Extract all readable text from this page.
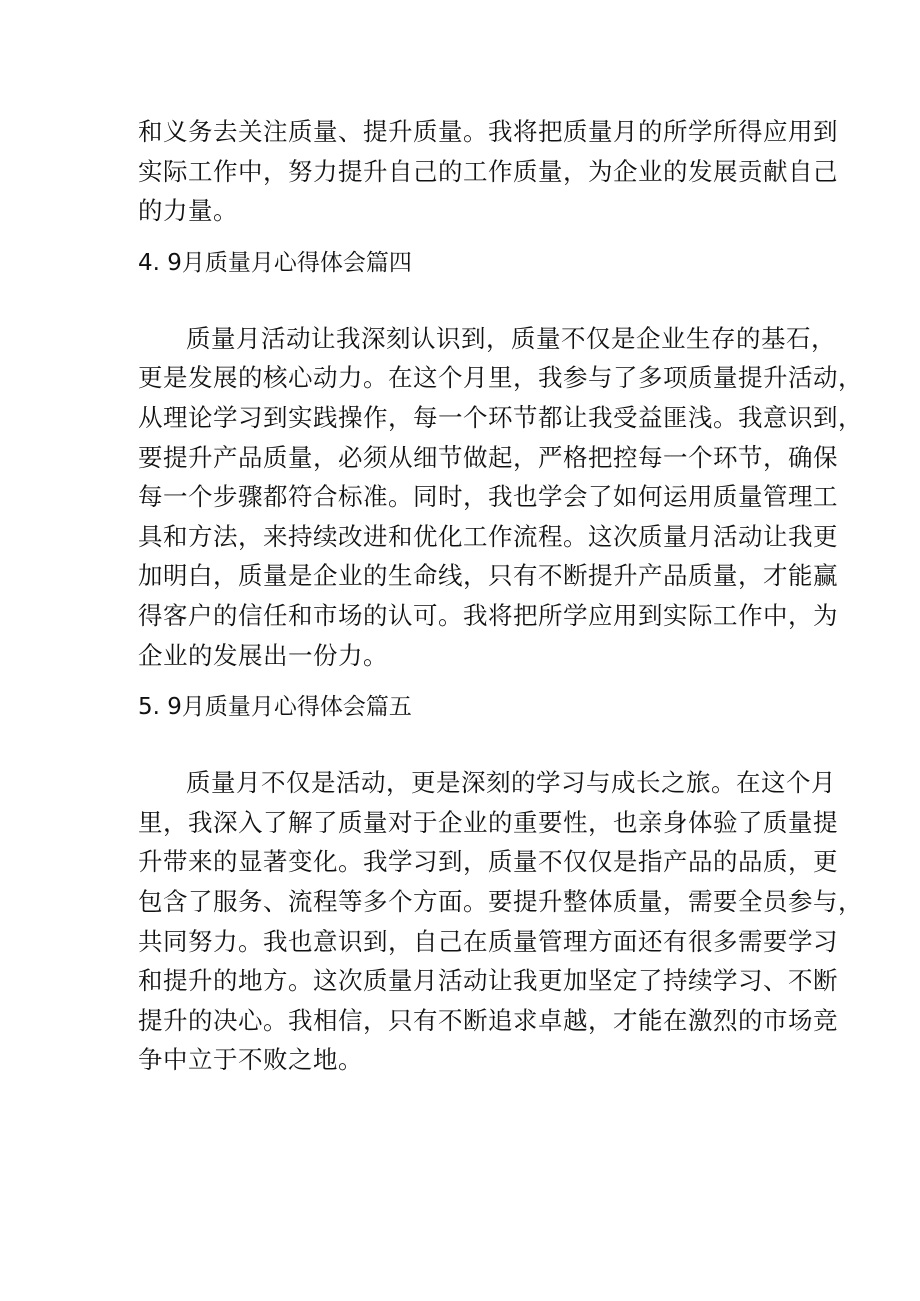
和义务去关注质量、提升质量。我将把质量月的所学所得应用到
实际工作中，努力提升自己的工作质量，为企业的发展贡献自己
的力量。
4. 9月质量月心得体会篇四
质量月活动让我深刻认识到，质量不仅是企业生存的基石，
更是发展的核心动力。在这个月里，我参与了多项质量提升活动，
从理论学习到实践操作，每一个环节都让我受益匪浅。我意识到，
要提升产品质量，必须从细节做起，严格把控每一个环节，确保
每一个步骤都符合标准。同时，我也学会了如何运用质量管理工
具和方法，来持续改进和优化工作流程。这次质量月活动让我更
加明白，质量是企业的生命线，只有不断提升产品质量，才能赢
得客户的信任和市场的认可。我将把所学应用到实际工作中，为
企业的发展出一份力。
5. 9月质量月心得体会篇五
质量月不仅是活动，更是深刻的学习与成长之旅。在这个月
里，我深入了解了质量对于企业的重要性，也亲身体验了质量提
升带来的显著变化。我学习到，质量不仅仅是指产品的品质，更
包含了服务、流程等多个方面。要提升整体质量，需要全员参与，
共同努力。我也意识到，自己在质量管理方面还有很多需要学习
和提升的地方。这次质量月活动让我更加坚定了持续学习、不断
提升的决心。我相信，只有不断追求卓越，才能在激烈的市场竞
争中立于不败之地。
